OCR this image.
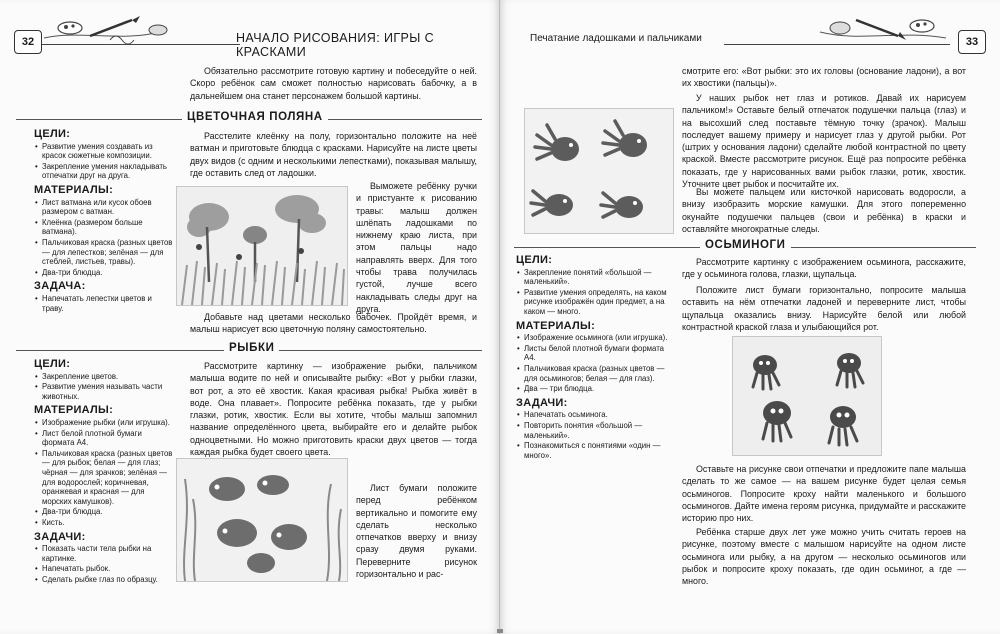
32	НАЧАЛО РИСОВАНИЯ: ИГРЫ С КРАСКАМИ

Обязательно рассмотрите готовую картину и побеседуйте о ней. Скоро ребёнок сам сможет полностью нарисовать бабочку, а в дальнейшем она станет персонажем большой картины.

ЦВЕТОЧНАЯ ПОЛЯНА
ЦЕЛИ:
• Развитие умения создавать из красок сюжетные композиции.
• Закрепление умения накладывать отпечатки друг на друга.
МАТЕРИАЛЫ:
• Лист ватмана или кусок обоев размером с ватман.
• Клеёнка (размером больше ватмана).
• Пальчиковая краска (разных цветов — для лепестков; зелёная — для стеблей, листьев, травы).
• Два-три блюдца.
ЗАДАЧА:
• Напечатать лепестки цветов и траву.

Расстелите клеёнку на полу, горизонтально положите на неё ватман и приготовьте блюдца с красками. Нарисуйте на листе цветы двух видов (с одним и несколькими лепестками), показывая малышу, где оставить след от ладошки.

Выможете ребёнку ручки и пристуанте к рисованию травы: малыш должен шлёпать ладошками по нижнему краю листа, при этом пальцы надо направлять вверх. Для того чтобы трава получилась густой, лучше всего накладывать следы друг на друга.

Добавьте над цветами несколько бабочек. Пройдёт время, и малыш нарисует всю цветочную поляну самостоятельно.

РЫБКИ
ЦЕЛИ:
• Закрепление цветов.
• Развитие умения называть части животных.
МАТЕРИАЛЫ:
• Изображение рыбки (или игрушка).
• Лист белой плотной бумаги формата А4.
• Пальчиковая краска (разных цветов — для рыбок; белая — для глаз; чёрная — для зрачков; зелёная — для водорослей; коричневая, оранжевая и красная — для морских камушков).
• Два-три блюдца.
• Кисть.
ЗАДАЧИ:
• Показать части тела рыбки на картинке.
• Напечатать рыбок.
• Сделать рыбке глаз по образцу.

Рассмотрите картинку — изображение рыбки, пальчиком малыша водите по ней и описывайте рыбку: «Вот у рыбки глазки, вот рот, а это её хвостик. Какая красивая рыбка! Рыбка живёт в воде. Она плавает». Попросите ребёнка показать, где у рыбки глазки, ротик, хвостик. Если вы хотите, чтобы малыш запомнил название определённого цвета, выбирайте его и делайте рыбок одноцветными. Но можно приготовить краски двух цветов — тогда каждая рыбка будет своего цвета.

Лист бумаги положите перед ребёнком вертикально и помогите ему сделать несколько отпечатков вверху и внизу сразу двумя руками. Переверните рисунок горизонтально и рас-

Печатание ладошками и пальчиками	33

смотрите его: «Вот рыбки: это их головы (основание ладони), а вот их хвостики (пальцы)».

У наших рыбок нет глаз и ротиков. Давай их нарисуем пальчиком!» Оставьте белый отпечаток подушечки пальца (глаз) и на высохший след поставьте тёмную точку (зрачок). Малыш последует вашему примеру и нарисует глаз у другой рыбки. Рот (штрих у основания ладони) сделайте любой контрастной по цвету краской. Вместе рассмотрите рисунок. Ещё раз попросите ребёнка показать, где у нарисованных вами рыбок глазки, ротик, хвостик. Уточните цвет рыбок и посчитайте их.

Вы можете пальцем или кисточкой нарисовать водоросли, а внизу изобразить морские камушки. Для этого попеременно окунайте подушечки пальцев (свои и ребёнка) в краски и оставляйте многократные следы.

ОСЬМИНОГИ
ЦЕЛИ:
• Закрепление понятий «большой — маленький».
• Развитие умения определять, на каком рисунке изображён один предмет, а на каком — много.
МАТЕРИАЛЫ:
• Изображение осьминога (или игрушка).
• Листы белой плотной бумаги формата А4.
• Пальчиковая краска (разных цветов — для осьминогов; белая — для глаз).
• Два — три блюдца.
ЗАДАЧИ:
• Напечатать осьминога.
• Повторить понятия «большой — маленький».
• Познакомиться с понятиями «один — много».

Рассмотрите картинку с изображением осьминога, расскажите, где у осьминога голова, глазки, щупальца.

Положите лист бумаги горизонтально, попросите малыша оставить на нём отпечатки ладоней и переверните лист, чтобы щупальца оказались внизу. Нарисуйте белой или любой контрастной краской глаза и улыбающийся рот.

Оставьте на рисунке свои отпечатки и предложите папе малыша сделать то же самое — на вашем рисунке будет целая семья осьминогов. Попросите кроху найти маленького и большого осьминогов. Дайте имена героям рисунка, придумайте и расскажите историю про них.

Ребёнка старше двух лет уже можно учить считать героев на рисунке, поэтому вместе с малышом нарисуйте на одном листе осьминога или рыбку, а на другом — несколько осьминогов или рыбок и попросите кроху показать, где один осьминог, а где — много.
